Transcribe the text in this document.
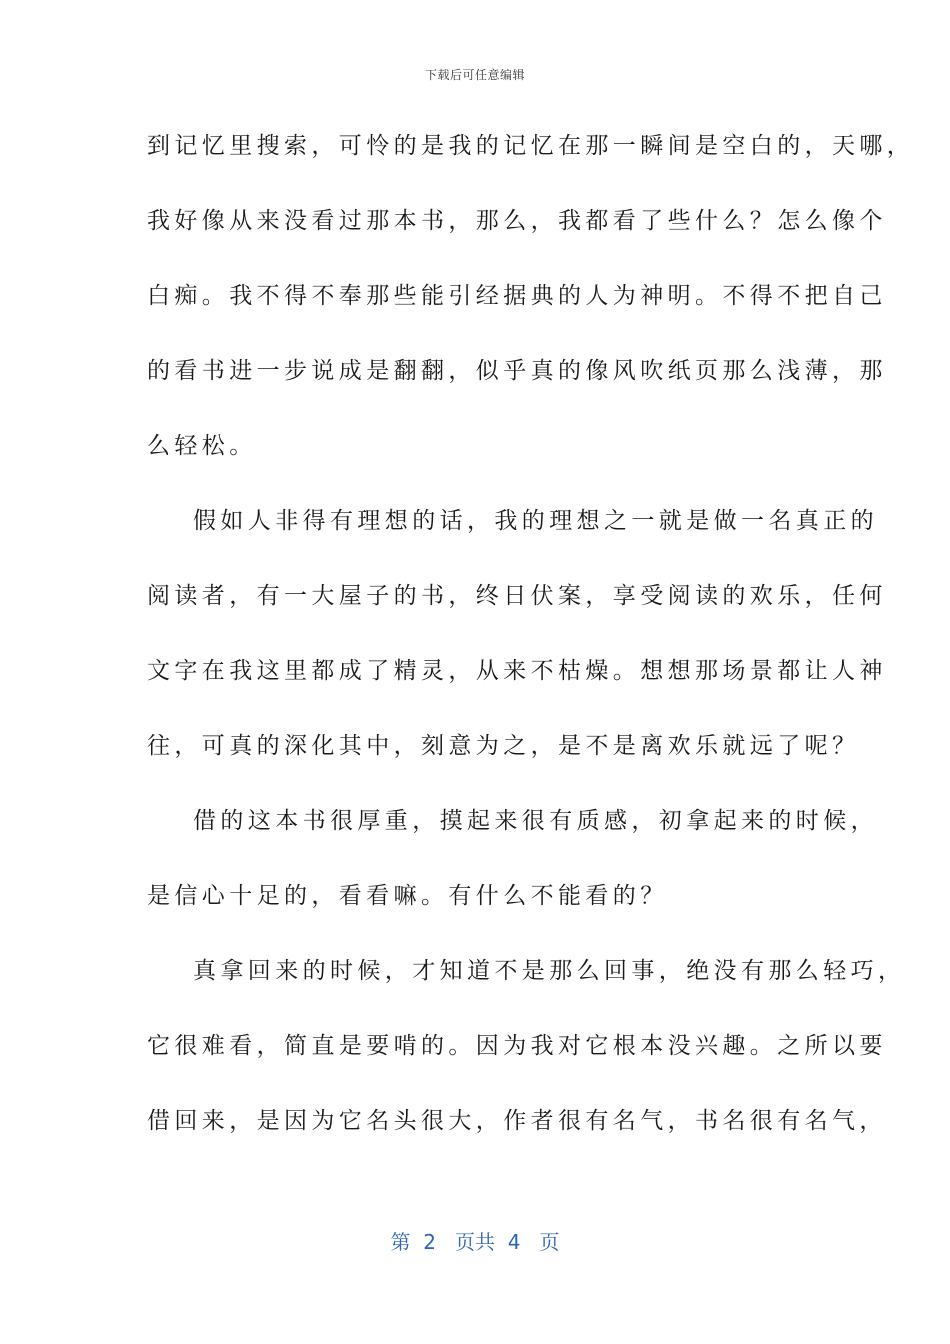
下载后可任意编辑
到记忆里搜索，可怜的是我的记忆在那一瞬间是空白的，天哪，
我好像从来没看过那本书，那么，我都看了些什么？怎么像个
白痴。我不得不奉那些能引经据典的人为神明。不得不把自己
的看书进一步说成是翻翻，似乎真的像风吹纸页那么浅薄，那
么轻松。
假如人非得有理想的话，我的理想之一就是做一名真正的
阅读者，有一大屋子的书，终日伏案，享受阅读的欢乐，任何
文字在我这里都成了精灵，从来不枯燥。想想那场景都让人神
往，可真的深化其中，刻意为之，是不是离欢乐就远了呢？
借的这本书很厚重，摸起来很有质感，初拿起来的时候，
是信心十足的，看看嘛。有什么不能看的？
真拿回来的时候，才知道不是那么回事，绝没有那么轻巧，
它很难看，简直是要啃的。因为我对它根本没兴趣。之所以要
借回来，是因为它名头很大，作者很有名气，书名很有名气，
第  2   页共  4   页
